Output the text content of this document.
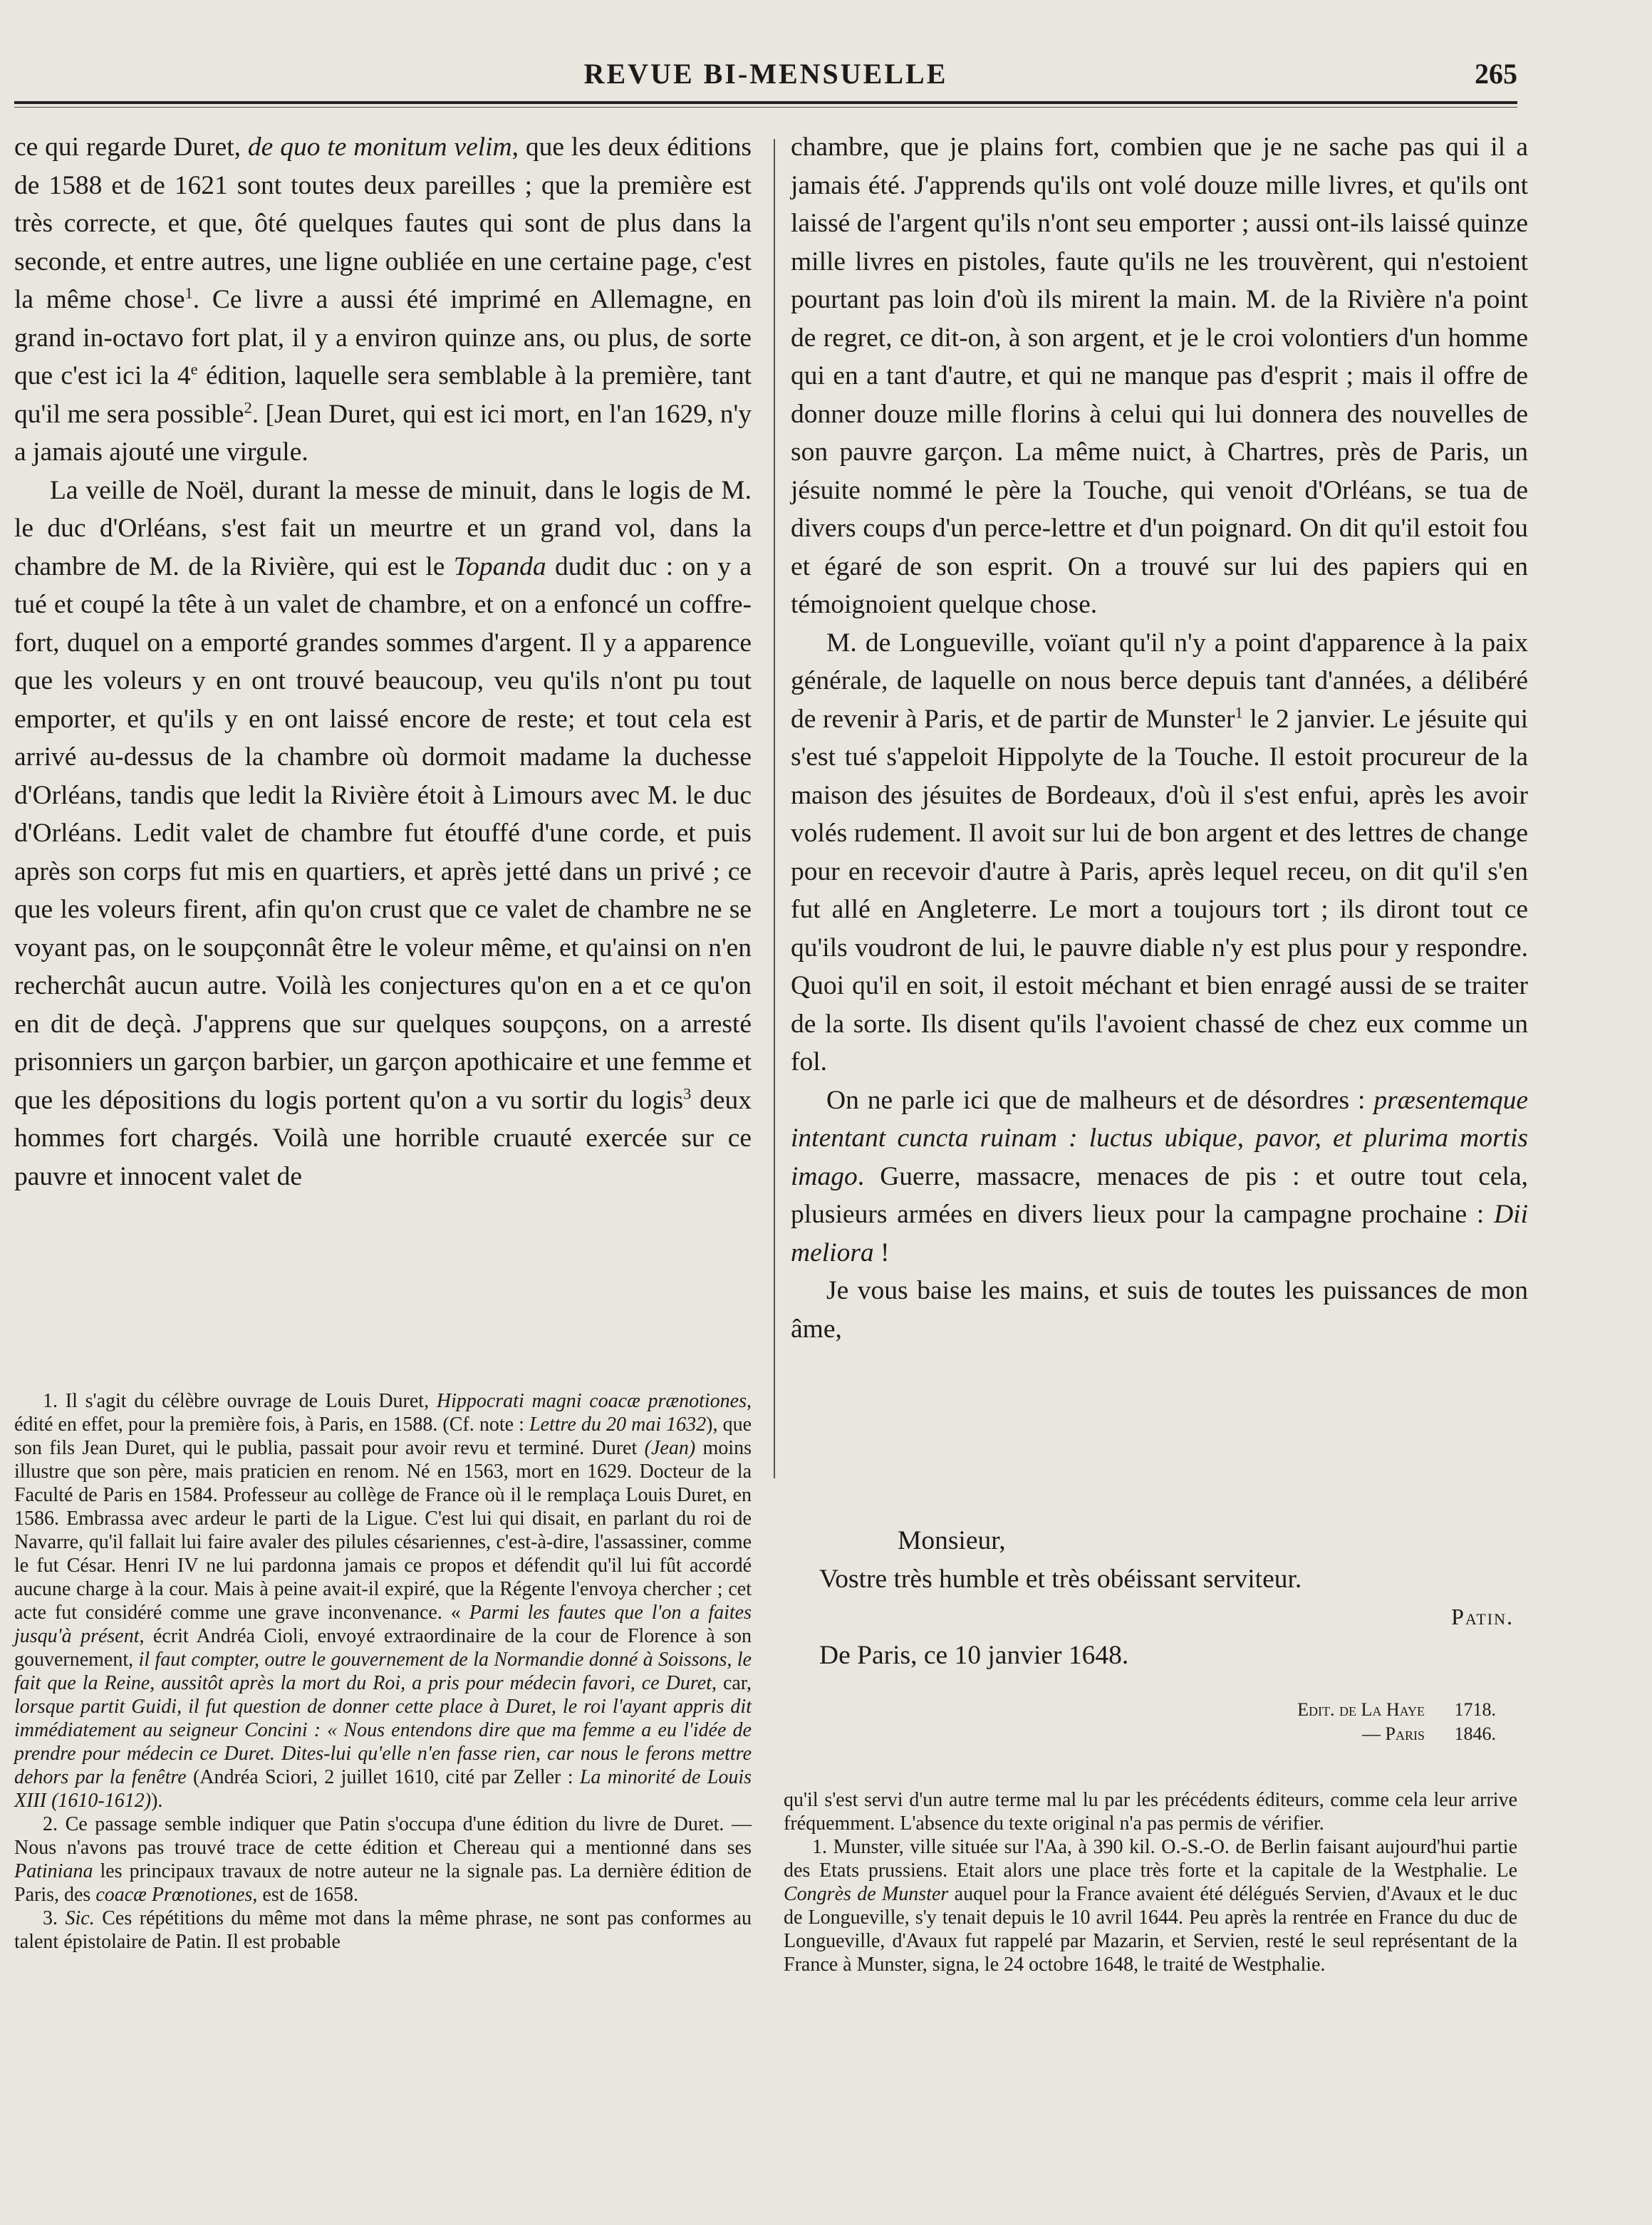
REVUE BI-MENSUELLE	265

ce qui regarde Duret, de quo te monitum velim, que les deux éditions de 1588 et de 1621 sont toutes deux pareilles ; que la première est très correcte, et que, ôté quelques fautes qui sont de plus dans la seconde, et entre autres, une ligne oubliée en une certaine page, c'est la même chose$^1$. Ce livre a aussi été imprimé en Allemagne, en grand in-octavo fort plat, il y a environ quinze ans, ou plus, de sorte que c'est ici la 4e édition, laquelle sera semblable à la première, tant qu'il me sera possible$^2$. [Jean Duret, qui est ici mort, en l'an 1629, n'y a jamais ajouté une virgule.

La veille de Noël, durant la messe de minuit, dans le logis de M. le duc d'Orléans, s'est fait un meurtre et un grand vol, dans la chambre de M. de la Rivière, qui est le Topanda dudit duc : on y a tué et coupé la tête à un valet de chambre, et on a enfoncé un coffre-fort, duquel on a emporté grandes sommes d'argent. Il y a apparence que les voleurs y en ont trouvé beaucoup, veu qu'ils n'ont pu tout emporter, et qu'ils y en ont laissé encore de reste; et tout cela est arrivé au-dessus de la chambre où dormoit madame la duchesse d'Orléans, tandis que ledit la Rivière étoit à Limours avec M. le duc d'Orléans. Ledit valet de chambre fut étouffé d'une corde, et puis après son corps fut mis en quartiers, et après jetté dans un privé ; ce que les voleurs firent, afin qu'on crust que ce valet de chambre ne se voyant pas, on le soupçonnât être le voleur même, et qu'ainsi on n'en recherchât aucun autre. Voilà les conjectures qu'on en a et ce qu'on en dit de deçà. J'apprens que sur quelques soupçons, on a arresté prisonniers un garçon barbier, un garçon apothicaire et une femme et que les dépositions du logis portent qu'on a vu sortir du logis$^3$ deux hommes fort chargés. Voilà une horrible cruauté exercée sur ce pauvre et innocent valet de

chambre, que je plains fort, combien que je ne sache pas qui il a jamais été. J'apprends qu'ils ont volé douze mille livres, et qu'ils ont laissé de l'argent qu'ils n'ont seu emporter ; aussi ont-ils laissé quinze mille livres en pistoles, faute qu'ils ne les trouvèrent, qui n'estoient pourtant pas loin d'où ils mirent la main. M. de la Rivière n'a point de regret, ce dit-on, à son argent, et je le croi volontiers d'un homme qui en a tant d'autre, et qui ne manque pas d'esprit ; mais il offre de donner douze mille florins à celui qui lui donnera des nouvelles de son pauvre garçon. La même nuict, à Chartres, près de Paris, un jésuite nommé le père la Touche, qui venoit d'Orléans, se tua de divers coups d'un perce-lettre et d'un poignard. On dit qu'il estoit fou et égaré de son esprit. On a trouvé sur lui des papiers qui en témoignoient quelque chose.

M. de Longueville, voïant qu'il n'y a point d'apparence à la paix générale, de laquelle on nous berce depuis tant d'années, a délibéré de revenir à Paris, et de partir de Munster$^1$ le 2 janvier. Le jésuite qui s'est tué s'appeloit Hippolyte de la Touche. Il estoit procureur de la maison des jésuites de Bordeaux, d'où il s'est enfui, après les avoir volés rudement. Il avoit sur lui de bon argent et des lettres de change pour en recevoir d'autre à Paris, après lequel receu, on dit qu'il s'en fut allé en Angleterre. Le mort a toujours tort ; ils diront tout ce qu'ils voudront de lui, le pauvre diable n'y est plus pour y respondre. Quoi qu'il en soit, il estoit méchant et bien enragé aussi de se traiter de la sorte. Ils disent qu'ils l'avoient chassé de chez eux comme un fol.

On ne parle ici que de malheurs et de désordres : præsentemque intentant cuncta ruinam : luctus ubique, pavor, et plurima mortis imago. Guerre, massacre, menaces de pis : et outre tout cela, plusieurs armées en divers lieux pour la campagne prochaine : Dii meliora !

Je vous baise les mains, et suis de toutes les puissances de mon âme,

Monsieur,

Vostre très humble et très obéissant serviteur.

Patin.

De Paris, ce 10 janvier 1648.

Edit. de La Haye 1718.
— Paris 1846.

1. Il s'agit du célèbre ouvrage de Louis Duret, Hippocrati magni coacæ prænotiones, édité en effet, pour la première fois, à Paris, en 1588. (Cf. note : Lettre du 20 mai 1632), que son fils Jean Duret, qui le publia, passait pour avoir revu et terminé. Duret (Jean) moins illustre que son père, mais praticien en renom. Né en 1563, mort en 1629. Docteur de la Faculté de Paris en 1584. Professeur au collège de France où il le remplaça Louis Duret, en 1586. Embrassa avec ardeur le parti de la Ligue. C'est lui qui disait, en parlant du roi de Navarre, qu'il fallait lui faire avaler des pilules césariennes, c'est-à-dire, l'assassiner, comme le fut César. Henri IV ne lui pardonna jamais ce propos et défendit qu'il lui fût accordé aucune charge à la cour. Mais à peine avait-il expiré, que la Régente l'envoya chercher ; cet acte fut considéré comme une grave inconvenance. « Parmi les fautes que l'on a faites jusqu'à présent, écrit Andréa Cioli, envoyé extraordinaire de la cour de Florence à son gouvernement, il faut compter, outre le gouvernement de la Normandie donné à Soissons, le fait que la Reine, aussitôt après la mort du Roi, a pris pour médecin favori, ce Duret, car, lorsque partit Guidi, il fut question de donner cette place à Duret, le roi l'ayant appris dit immédiatement au seigneur Concini : « Nous entendons dire que ma femme a eu l'idée de prendre pour médecin ce Duret. Dites-lui qu'elle n'en fasse rien, car nous le ferons mettre dehors par la fenêtre (Andréa Sciori, 2 juillet 1610, cité par Zeller : La minorité de Louis XIII (1610-1612)).

2. Ce passage semble indiquer que Patin s'occupa d'une édition du livre de Duret. — Nous n'avons pas trouvé trace de cette édition et Chereau qui a mentionné dans ses Patiniana les principaux travaux de notre auteur ne la signale pas. La dernière édition de Paris, des coacæ Prœnotiones, est de 1658.

3. Sic. Ces répétitions du même mot dans la même phrase, ne sont pas conformes au talent épistolaire de Patin. Il est probable

qu'il s'est servi d'un autre terme mal lu par les précédents éditeurs, comme cela leur arrive fréquemment. L'absence du texte original n'a pas permis de vérifier.

1. Munster, ville située sur l'Aa, à 390 kil. O.-S.-O. de Berlin faisant aujourd'hui partie des Etats prussiens. Etait alors une place très forte et la capitale de la Westphalie. Le Congrès de Munster auquel pour la France avaient été délégués Servien, d'Avaux et le duc de Longueville, s'y tenait depuis le 10 avril 1644. Peu après la rentrée en France du duc de Longueville, d'Avaux fut rappelé par Mazarin, et Servien, resté le seul représentant de la France à Munster, signa, le 24 octobre 1648, le traité de Westphalie.
